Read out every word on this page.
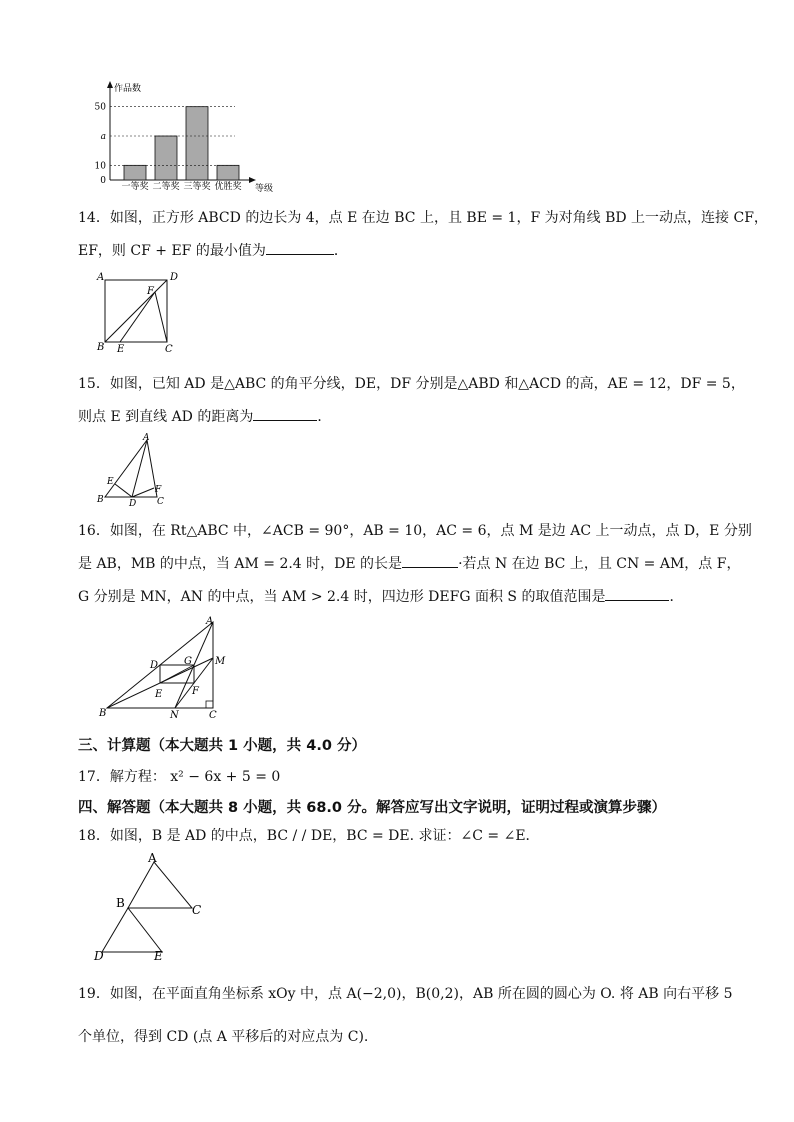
一等奖 二等奖 三等奖 优胜奖
0
10
a
50
作品数
等级
14．如图，正方形 ABCD 的边长为 4，点 E 在边 BC 上，且 BE = 1，F 为对角线 BD 上一动点，连接 CF，
EF，则 CF + EF 的最小值为	．
A	D
F
B E	C
15．如图，已知 AD 是△ABC 的角平分线，DE，DF 分别是△ABD 和△ACD 的高，AE = 12，DF = 5，
则点 E 到直线 AD 的距离为	．
A
E
F
B	D C
16．如图，在 Rt△ABC 中，∠ACB = 90°，AB = 10，AC = 6，点 M 是边 AC 上一动点，点 D，E 分别
是 AB，MB 的中点，当 AM = 2.4 时，DE 的长是	·若点 N 在边 BC 上，且 CN = AM，点 F，
G 分别是 MN，AN 的中点，当 AM > 2.4 时，四边形 DEFG 面积 S 的取值范围是	．
A
M
D	G
E	F
B	N	C
三、计算题（本大题共 1 小题，共 4.0 分）
17．解方程： x² − 6x + 5 = 0
四、解答题（本大题共 8 小题，共 68.0 分。解答应写出文字说明，证明过程或演算步骤）
18．如图，B 是 AD 的中点，BC / / DE，BC = DE. 求证：∠C = ∠E．
A
B	C
D	E
19．如图，在平面直角坐标系 xOy 中，点 A(−2,0)，B(0,2)，AB 所在圆的圆心为 O. 将 AB 向右平移 5
个单位，得到 CD (点 A 平移后的对应点为 C).
